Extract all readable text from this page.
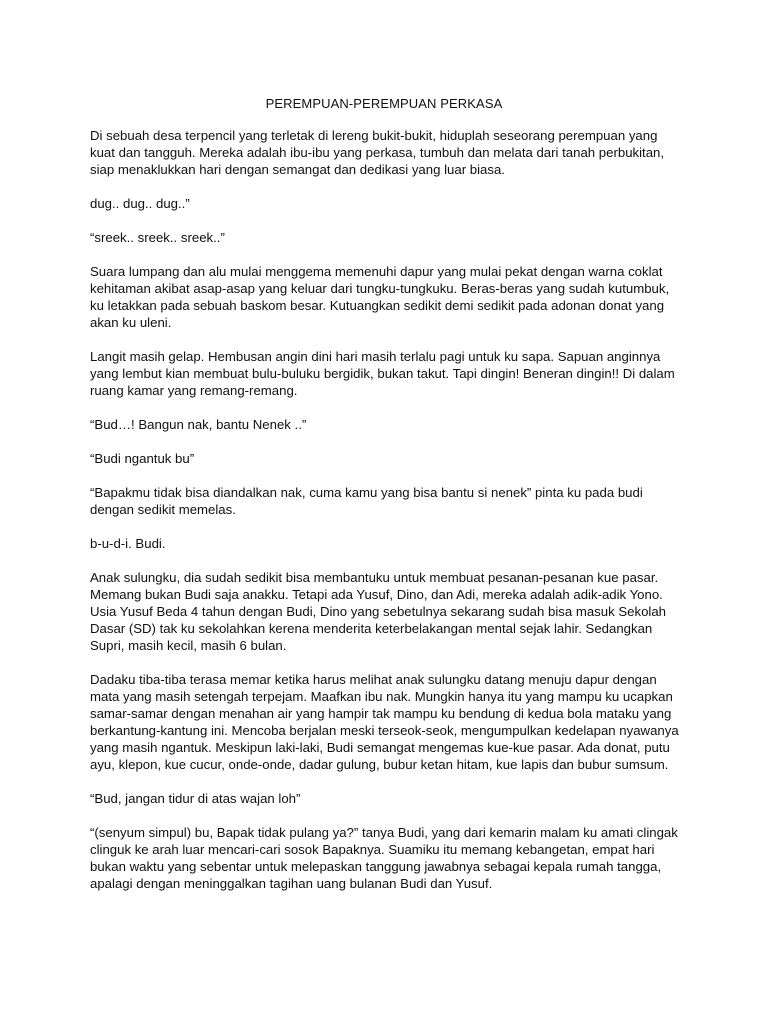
PEREMPUAN-PEREMPUAN PERKASA

Di sebuah desa terpencil yang terletak di lereng bukit-bukit, hiduplah seseorang perempuan yang kuat dan tangguh. Mereka adalah ibu-ibu yang perkasa, tumbuh dan melata dari tanah perbukitan, siap menaklukkan hari dengan semangat dan dedikasi yang luar biasa.

dug.. dug.. dug..”

“sreek.. sreek.. sreek..”

Suara lumpang dan alu mulai menggema memenuhi dapur yang mulai pekat dengan warna coklat kehitaman akibat asap-asap yang keluar dari tungku-tungkuku. Beras-beras yang sudah kutumbuk, ku letakkan pada sebuah baskom besar. Kutuangkan sedikit demi sedikit pada adonan donat yang akan ku uleni.

Langit masih gelap. Hembusan angin dini hari masih terlalu pagi untuk ku sapa. Sapuan anginnya yang lembut kian membuat bulu-buluku bergidik, bukan takut. Tapi dingin! Beneran dingin!! Di dalam ruang kamar yang remang-remang.

“Bud…! Bangun nak, bantu Nenek ..”

“Budi ngantuk bu”

“Bapakmu tidak bisa diandalkan nak, cuma kamu yang bisa bantu si nenek” pinta ku pada budi dengan sedikit memelas.

b-u-d-i. Budi.

Anak sulungku, dia sudah sedikit bisa membantuku untuk membuat pesanan-pesanan kue pasar. Memang bukan Budi saja anakku. Tetapi ada Yusuf, Dino, dan Adi, mereka adalah adik-adik Yono. Usia Yusuf Beda 4 tahun dengan Budi, Dino yang sebetulnya sekarang sudah bisa masuk Sekolah Dasar (SD) tak ku sekolahkan kerena menderita keterbelakangan mental sejak lahir. Sedangkan Supri, masih kecil, masih 6 bulan.

Dadaku tiba-tiba terasa memar ketika harus melihat anak sulungku datang menuju dapur dengan mata yang masih setengah terpejam. Maafkan ibu nak. Mungkin hanya itu yang mampu ku ucapkan samar-samar dengan menahan air yang hampir tak mampu ku bendung di kedua bola mataku yang berkantung-kantung ini. Mencoba berjalan meski terseok-seok, mengumpulkan kedelapan nyawanya yang masih ngantuk. Meskipun laki-laki, Budi semangat mengemas kue-kue pasar. Ada donat, putu ayu, klepon, kue cucur, onde-onde, dadar gulung, bubur ketan hitam, kue lapis dan bubur sumsum.

“Bud, jangan tidur di atas wajan loh”

“(senyum simpul) bu, Bapak tidak pulang ya?” tanya Budi, yang dari kemarin malam ku amati clingak clinguk ke arah luar mencari-cari sosok Bapaknya. Suamiku itu memang kebangetan, empat hari bukan waktu yang sebentar untuk melepaskan tanggung jawabnya sebagai kepala rumah tangga, apalagi dengan meninggalkan tagihan uang bulanan Budi dan Yusuf.
